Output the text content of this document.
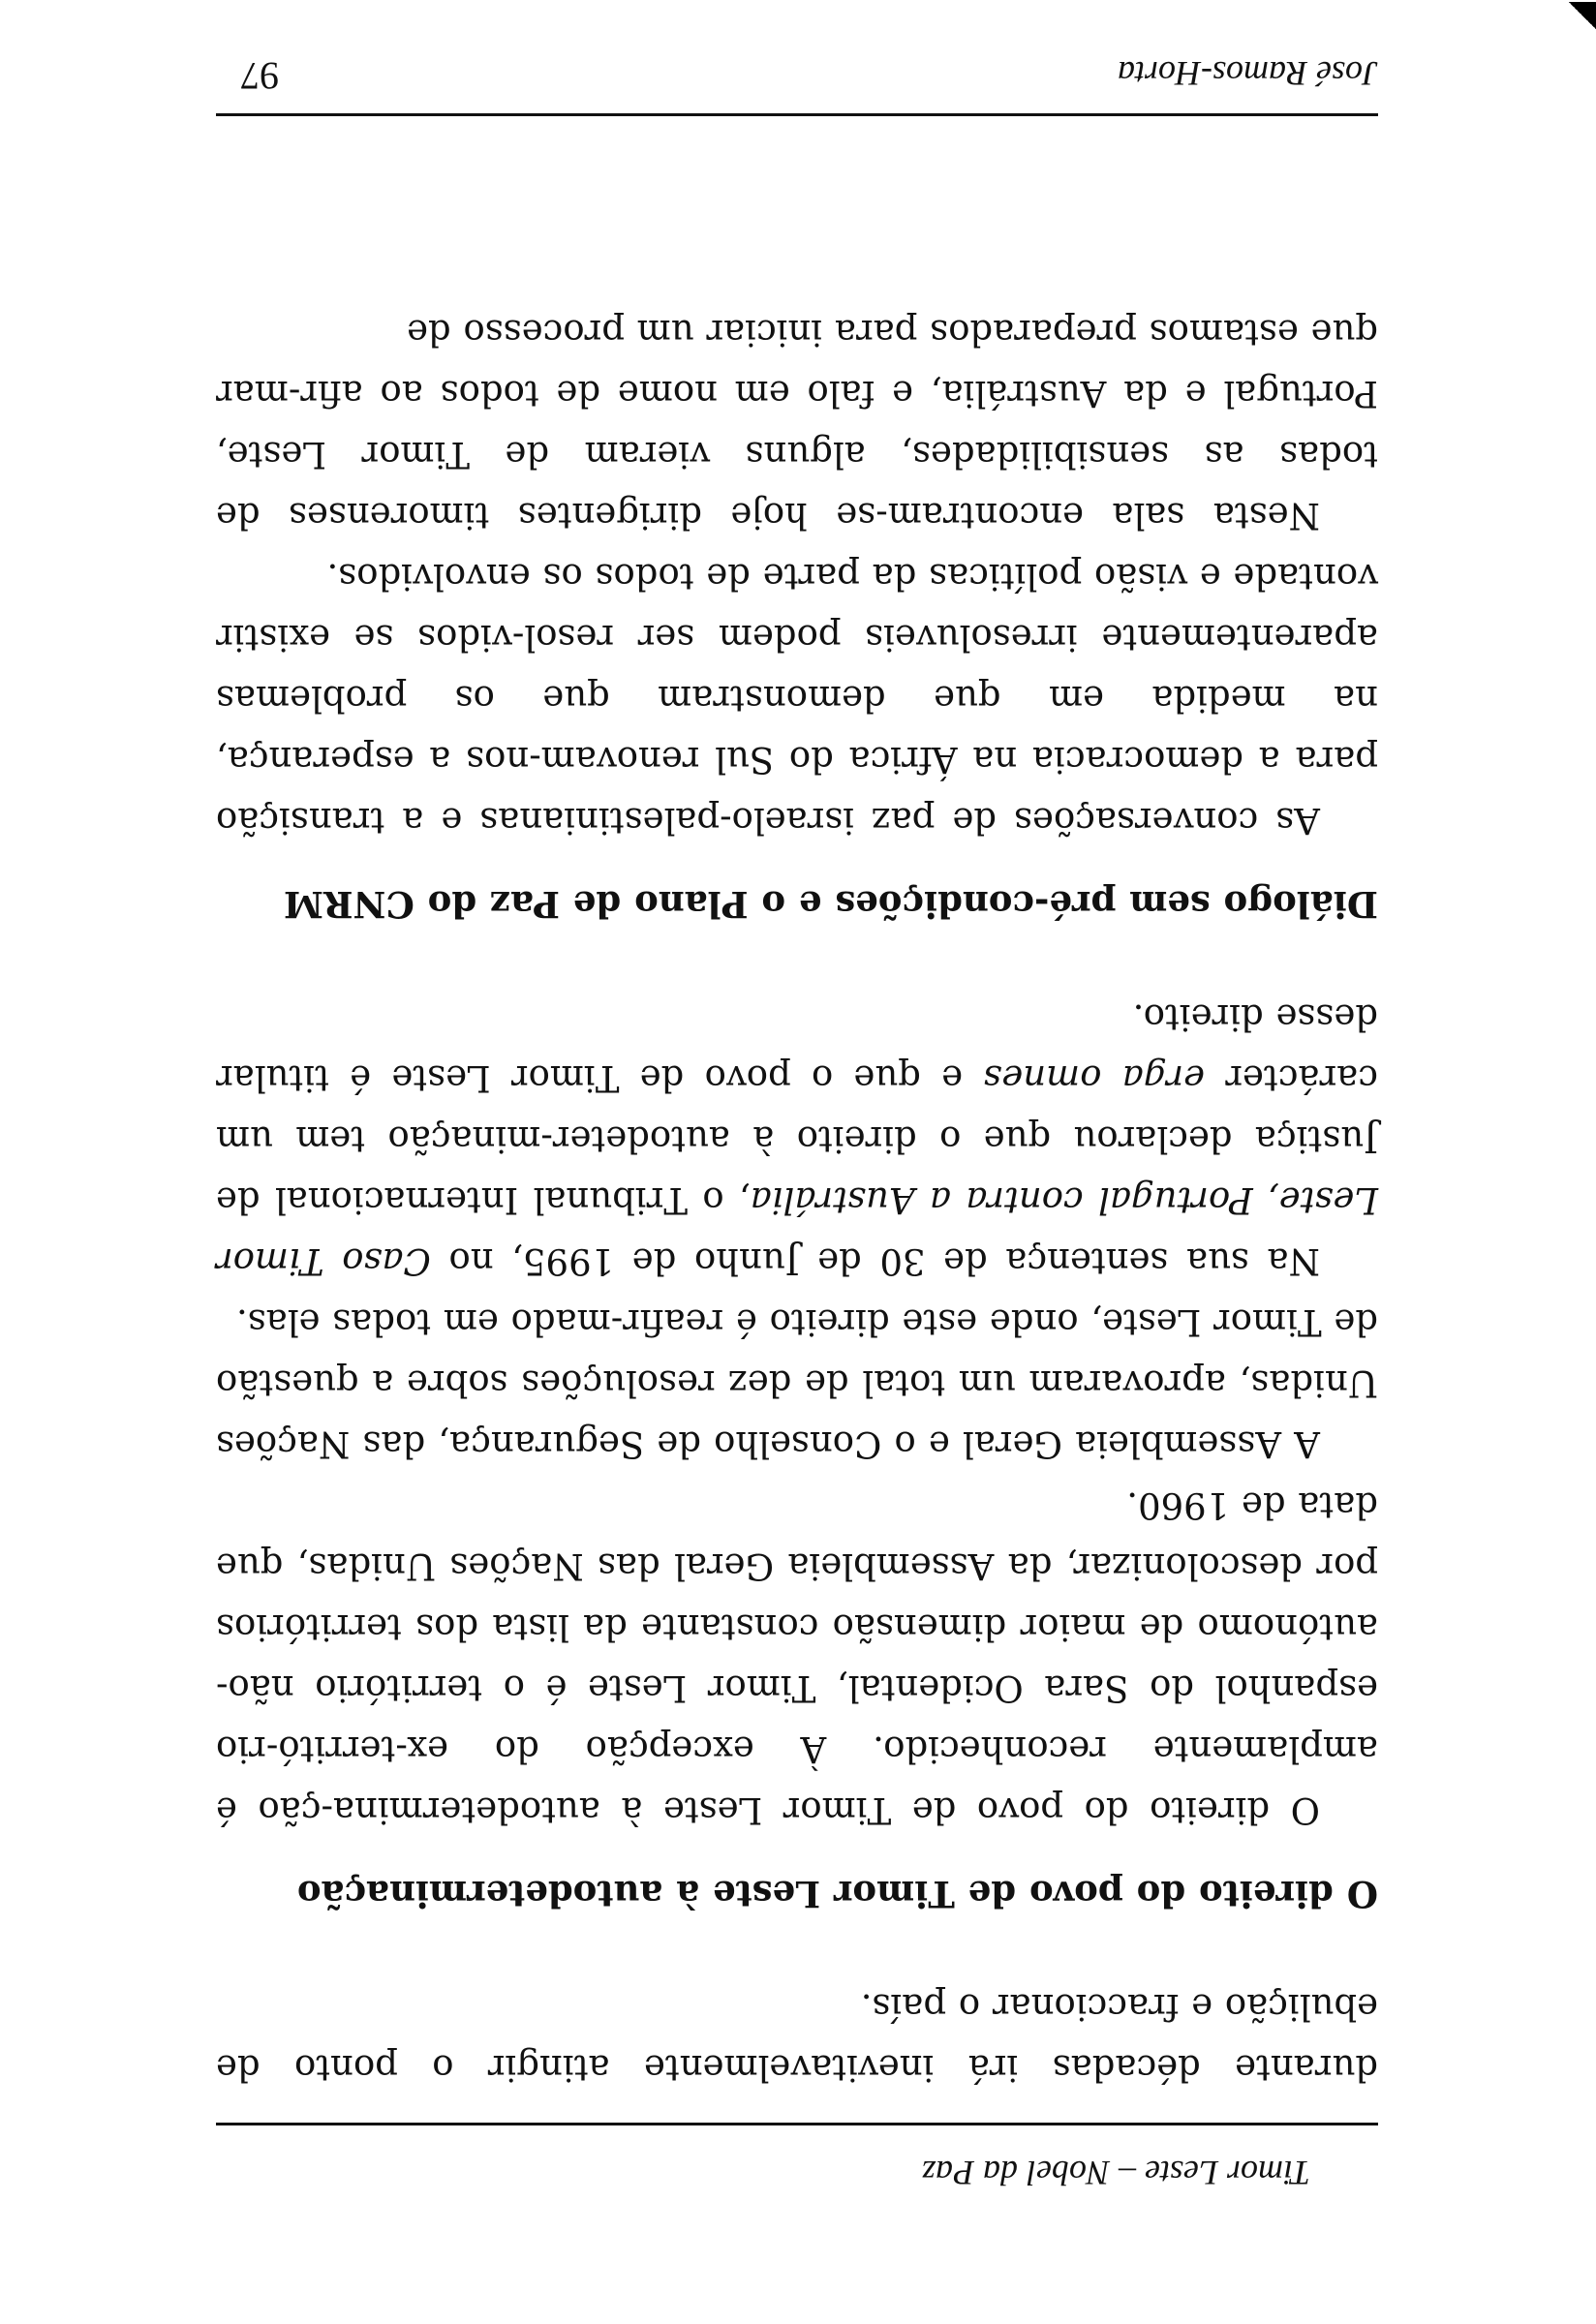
Timor Leste – Nobel da Paz

durante décadas irá inevitavelmente atingir o ponto de ebulição e fraccionar o país.

O direito do povo de Timor Leste à autodeterminação

O direito do povo de Timor Leste à autodetermina-ção é amplamente reconhecido. À excepção do ex-territó-rio espanhol do Sara Ocidental, Timor Leste é o território não-autónomo de maior dimensão constante da lista dos territórios por descolonizar, da Assembleia Geral das Nações Unidas, que data de 1960.

A Assembleia Geral e o Conselho de Segurança, das Nações Unidas, aprovaram um total de dez resoluções sobre a questão de Timor Leste, onde este direito é reafir-mado em todas elas.

Na sua sentença de 30 de Junho de 1995, no Caso Timor Leste, Portugal contra a Austrália, o Tribunal Internacional de Justiça declarou que o direito à autodeter-minação tem um carácter erga omnes e que o povo de Timor Leste é titular desse direito.

Diálogo sem pré-condições e o Plano de Paz do CNRM

As conversações de paz israelo-palestinianas e a transição para a democracia na África do Sul renovam-nos a esperança, na medida em que demonstram que os problemas aparentemente irresoluveis podem ser resol-vidos se existir vontade e visão políticas da parte de todos os envolvidos.

Nesta sala encontram-se hoje dirigentes timorenses de todas as sensibilidades, alguns vieram de Timor Leste, Portugal e da Austrália, e falo em nome de todos ao afir-mar que estamos preparados para iniciar um processo de

José Ramos-Horta
97
